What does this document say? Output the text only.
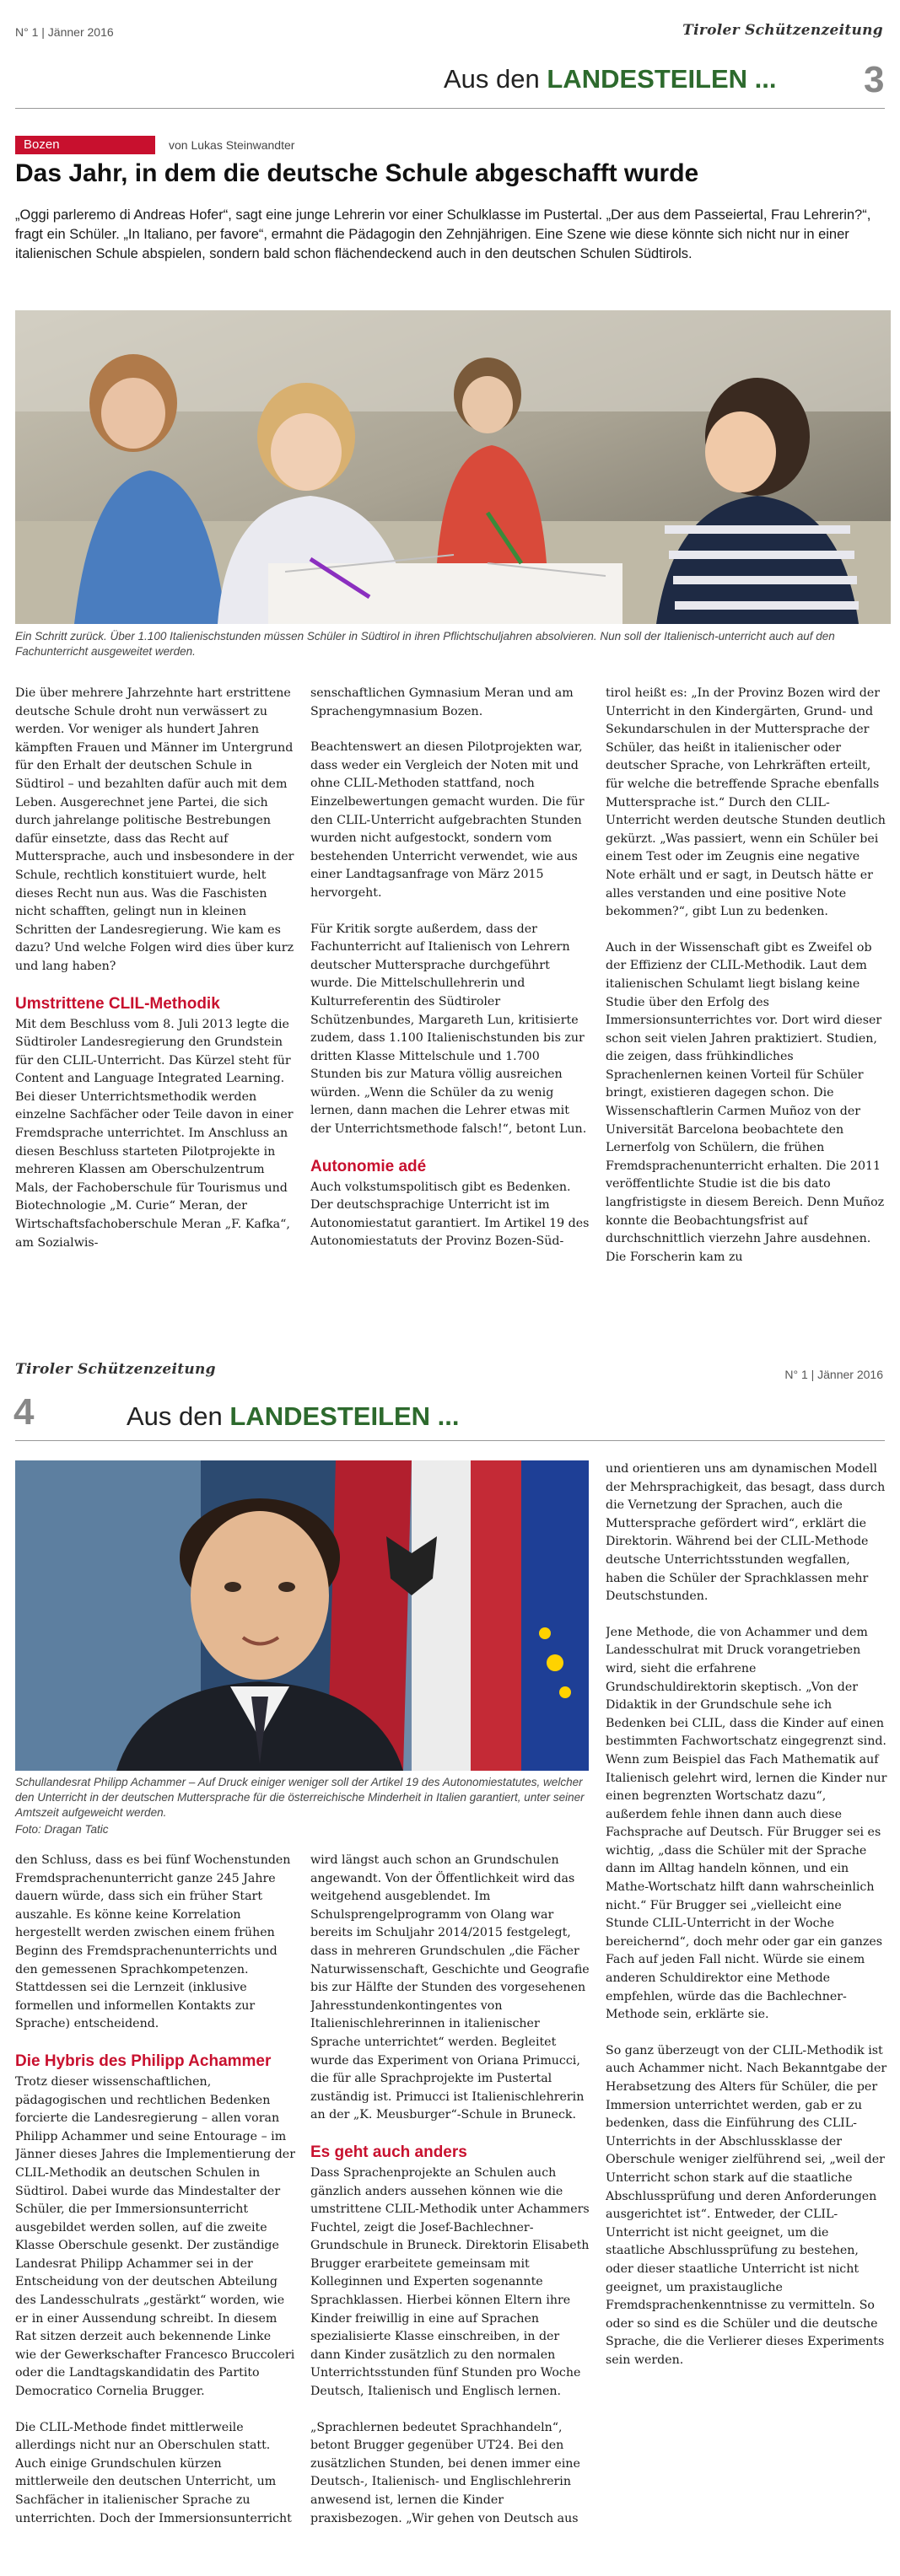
N° 1 | Jänner 2016	Tiroler Schützenzeitung
Aus den LANDESTEILEN ... 3
Bozen	von Lukas Steinwandter
Das Jahr, in dem die deutsche Schule abgeschafft wurde

„Oggi parleremo di Andreas Hofer“, sagt eine junge Lehrerin vor einer Schulklasse im Pustertal. „Der aus dem Passeiertal, Frau Lehrerin?“, fragt ein Schüler. „In Italiano, per favore“, ermahnt die Pädagogin den Zehnjährigen. Eine Szene wie diese könnte sich nicht nur in einer italienischen Schule abspielen, sondern bald schon flächendeckend auch in den deutschen Schulen Südtirols.

Ein Schritt zurück. Über 1.100 Italienischstunden müssen Schüler in Südtirol in ihren Pflichtschuljahren absolvieren. Nun soll der Italienisch-unterricht auch auf den Fachunterricht ausgeweitet werden.

Die über mehrere Jahrzehnte hart erstrittene deutsche Schule droht nun verwässert zu werden. Vor weniger als hundert Jahren kämpften Frauen und Männer im Untergrund für den Erhalt der deutschen Schule in Südtirol – und bezahlten dafür auch mit dem Leben. Ausgerechnet jene Partei, die sich durch jahrelange politische Bestrebungen dafür einsetzte, dass das Recht auf Muttersprache, auch und insbesondere in der Schule, rechtlich konstituiert wurde, helt dieses Recht nun aus. Was die Faschisten nicht schafften, gelingt nun in kleinen Schritten der Landesregierung. Wie kam es dazu? Und welche Folgen wird dies über kurz und lang haben?

Umstrittene CLIL-Methodik

Mit dem Beschluss vom 8. Juli 2013 legte die Südtiroler Landesregierung den Grundstein für den CLIL-Unterricht. Das Kürzel steht für Content and Language Integrated Learning. Bei dieser Unterrichtsmethodik werden einzelne Sachfächer oder Teile davon in einer Fremdsprache unterrichtet. Im Anschluss an diesen Beschluss starteten Pilotprojekte in mehreren Klassen am Oberschulzentrum Mals, der Fachoberschule für Tourismus und Biotechnologie „M. Curie“ Meran, der Wirtschaftsfachoberschule Meran „F. Kafka“, am Sozialwis-

senschaftlichen Gymnasium Meran und am Sprachengymnasium Bozen.

Beachtenswert an diesen Pilotprojekten war, dass weder ein Vergleich der Noten mit und ohne CLIL-Methoden stattfand, noch Einzelbewertungen gemacht wurden. Die für den CLIL-Unterricht aufgebrachten Stunden wurden nicht aufgestockt, sondern vom bestehenden Unterricht verwendet, wie aus einer Landtagsanfrage von März 2015 hervorgeht.

Für Kritik sorgte außerdem, dass der Fachunterricht auf Italienisch von Lehrern deutscher Muttersprache durchgeführt wurde. Die Mittelschullehrerin und Kulturreferentin des Südtiroler Schützenbundes, Margareth Lun, kritisierte zudem, dass 1.100 Italienischstunden bis zur dritten Klasse Mittelschule und 1.700 Stunden bis zur Matura völlig ausreichen würden. „Wenn die Schüler da zu wenig lernen, dann machen die Lehrer etwas mit der Unterrichtsmethode falsch!“, betont Lun.

Autonomie adé

Auch volkstumspolitisch gibt es Bedenken. Der deutschsprachige Unterricht ist im Autonomiestatut garantiert. Im Artikel 19 des Autonomiestatuts der Provinz Bozen-Süd-

tirol heißt es: „In der Provinz Bozen wird der Unterricht in den Kindergärten, Grund- und Sekundarschulen in der Muttersprache der Schüler, das heißt in italienischer oder deutscher Sprache, von Lehrkräften erteilt, für welche die betreffende Sprache ebenfalls Muttersprache ist.“ Durch den CLIL-Unterricht werden deutsche Stunden deutlich gekürzt. „Was passiert, wenn ein Schüler bei einem Test oder im Zeugnis eine negative Note erhält und er sagt, in Deutsch hätte er alles verstanden und eine positive Note bekommen?“, gibt Lun zu bedenken.

Auch in der Wissenschaft gibt es Zweifel ob der Effizienz der CLIL-Methodik. Laut dem italienischen Schulamt liegt bislang keine Studie über den Erfolg des Immersionsunterrichtes vor. Dort wird dieser schon seit vielen Jahren praktiziert. Studien, die zeigen, dass frühkindliches Sprachenlernen keinen Vorteil für Schüler bringt, existieren dagegen schon. Die Wissenschaftlerin Carmen Muñoz von der Universität Barcelona beobachtete den Lernerfolg von Schülern, die frühen Fremdsprachenunterricht erhalten. Die 2011 veröffentlichte Studie ist die bis dato langfristigste in diesem Bereich. Denn Muñoz konnte die Beobachtungsfrist auf durchschnittlich vierzehn Jahre ausdehnen. Die Forscherin kam zu

Tiroler Schützenzeitung	N° 1 | Jänner 2016
4	Aus den LANDESTEILEN ...

Schullandesrat Philipp Achammer – Auf Druck einiger weniger soll der Artikel 19 des Autonomiestatutes, welcher den Unterricht in der deutschen Muttersprache für die österreichische Minderheit in Italien garantiert, unter seiner Amtszeit aufgeweicht werden.

Foto: Dragan Tatic

den Schluss, dass es bei fünf Wochenstunden Fremdsprachenunterricht ganze 245 Jahre dauern würde, dass sich ein früher Start auszahle. Es könne keine Korrelation hergestellt werden zwischen einem frühen Beginn des Fremdsprachenunterrichts und den gemessenen Sprachkompetenzen. Stattdessen sei die Lernzeit (inklusive formellen und informellen Kontakts zur Sprache) entscheidend.

Die Hybris des Philipp Achammer

Trotz dieser wissenschaftlichen, pädagogischen und rechtlichen Bedenken forcierte die Landesregierung – allen voran Philipp Achammer und seine Entourage – im Jänner dieses Jahres die Implementierung der CLIL-Methodik an deutschen Schulen in Südtirol. Dabei wurde das Mindestalter der Schüler, die per Immersionsunterricht ausgebildet werden sollen, auf die zweite Klasse Oberschule gesenkt. Der zuständige Landesrat Philipp Achammer sei in der Entscheidung von der deutschen Abteilung des Landesschulrats „gestärkt“ worden, wie er in einer Aussendung schreibt. In diesem Rat sitzen derzeit auch bekennende Linke wie der Gewerkschafter Francesco Bruccoleri oder die Landtagskandidatin des Partito Democratico Cornelia Brugger.

Die CLIL-Methode findet mittlerweile allerdings nicht nur an Oberschulen statt. Auch einige Grundschulen kürzen mittlerweile den deutschen Unterricht, um Sachfächer in italienischer Sprache zu unterrichten. Doch der Immersionsunterricht

wird längst auch schon an Grundschulen angewandt. Von der Öffentlichkeit wird das weitgehend ausgeblendet. Im Schulsprengelprogramm von Olang war bereits im Schuljahr 2014/2015 festgelegt, dass in mehreren Grundschulen „die Fächer Naturwissenschaft, Geschichte und Geografie bis zur Hälfte der Stunden des vorgesehenen Jahresstundenkontingentes von Italienischlehrerinnen in italienischer Sprache unterrichtet“ werden. Begleitet wurde das Experiment von Oriana Primucci, die für alle Sprachprojekte im Pustertal zuständig ist. Primucci ist Italienischlehrerin an der „K. Meusburger“-Schule in Bruneck.

Es geht auch anders

Dass Sprachenprojekte an Schulen auch gänzlich anders aussehen können wie die umstrittene CLIL-Methodik unter Achammers Fuchtel, zeigt die Josef-Bachlechner-Grundschule in Bruneck. Direktorin Elisabeth Brugger erarbeitete gemeinsam mit Kolleginnen und Experten sogenannte Sprachklassen. Hierbei können Eltern ihre Kinder freiwillig in eine auf Sprachen spezialisierte Klasse einschreiben, in der dann Kinder zusätzlich zu den normalen Unterrichtsstunden fünf Stunden pro Woche Deutsch, Italienisch und Englisch lernen.

„Sprachlernen bedeutet Sprachhandeln“, betont Brugger gegenüber UT24. Bei den zusätzlichen Stunden, bei denen immer eine Deutsch-, Italienisch- und Englischlehrerin anwesend ist, lernen die Kinder praxisbezogen. „Wir gehen von Deutsch aus

und orientieren uns am dynamischen Modell der Mehrsprachigkeit, das besagt, dass durch die Vernetzung der Sprachen, auch die Muttersprache gefördert wird“, erklärt die Direktorin. Während bei der CLIL-Methode deutsche Unterrichtsstunden wegfallen, haben die Schüler der Sprachklassen mehr Deutschstunden.

Jene Methode, die von Achammer und dem Landesschulrat mit Druck vorangetrieben wird, sieht die erfahrene Grundschuldirektorin skeptisch. „Von der Didaktik in der Grundschule sehe ich Bedenken bei CLIL, dass die Kinder auf einen bestimmten Fachwortschatz eingegrenzt sind. Wenn zum Beispiel das Fach Mathematik auf Italienisch gelehrt wird, lernen die Kinder nur einen begrenzten Wortschatz dazu“, außerdem fehle ihnen dann auch diese Fachsprache auf Deutsch. Für Brugger sei es wichtig, „dass die Schüler mit der Sprache dann im Alltag handeln können, und ein Mathe-Wortschatz hilft dann wahrscheinlich nicht.“ Für Brugger sei „vielleicht eine Stunde CLIL-Unterricht in der Woche bereichernd“, doch mehr oder gar ein ganzes Fach auf jeden Fall nicht. Würde sie einem anderen Schuldirektor eine Methode empfehlen, würde das die Bachlechner-Methode sein, erklärte sie.

So ganz überzeugt von der CLIL-Methodik ist auch Achammer nicht. Nach Bekanntgabe der Herabsetzung des Alters für Schüler, die per Immersion unterrichtet werden, gab er zu bedenken, dass die Einführung des CLIL-Unterrichts in der Abschlussklasse der Oberschule weniger zielführend sei, „weil der Unterricht schon stark auf die staatliche Abschlussprüfung und deren Anforderungen ausgerichtet ist“. Entweder, der CLIL-Unterricht ist nicht geeignet, um die staatliche Abschlussprüfung zu bestehen, oder dieser staatliche Unterricht ist nicht geeignet, um praxistaugliche Fremdsprachenkenntnisse zu vermitteln. So oder so sind es die Schüler und die deutsche Sprache, die die Verlierer dieses Experiments sein werden.
